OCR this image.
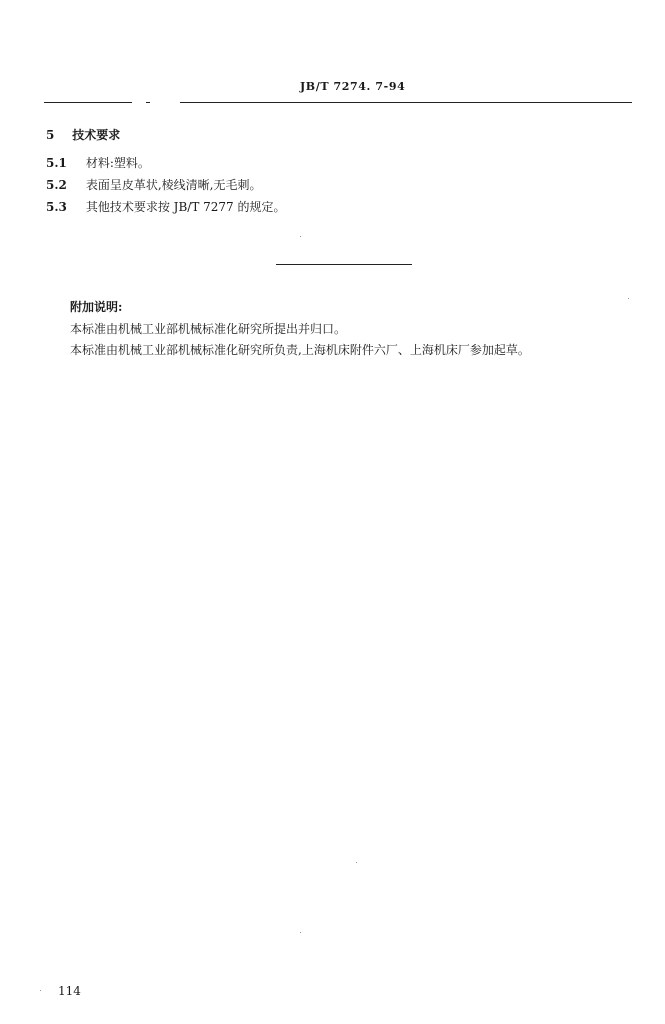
JB/T 7274. 7-94
5 技术要求
5.1 材料:塑料。
5.2 表面呈皮革状,棱线清晰,无毛刺。
5.3 其他技术要求按 JB/T 7277 的规定。
附加说明:
本标准由机械工业部机械标准化研究所提出并归口。
本标准由机械工业部机械标准化研究所负责,上海机床附件六厂、上海机床厂参加起草。
114
